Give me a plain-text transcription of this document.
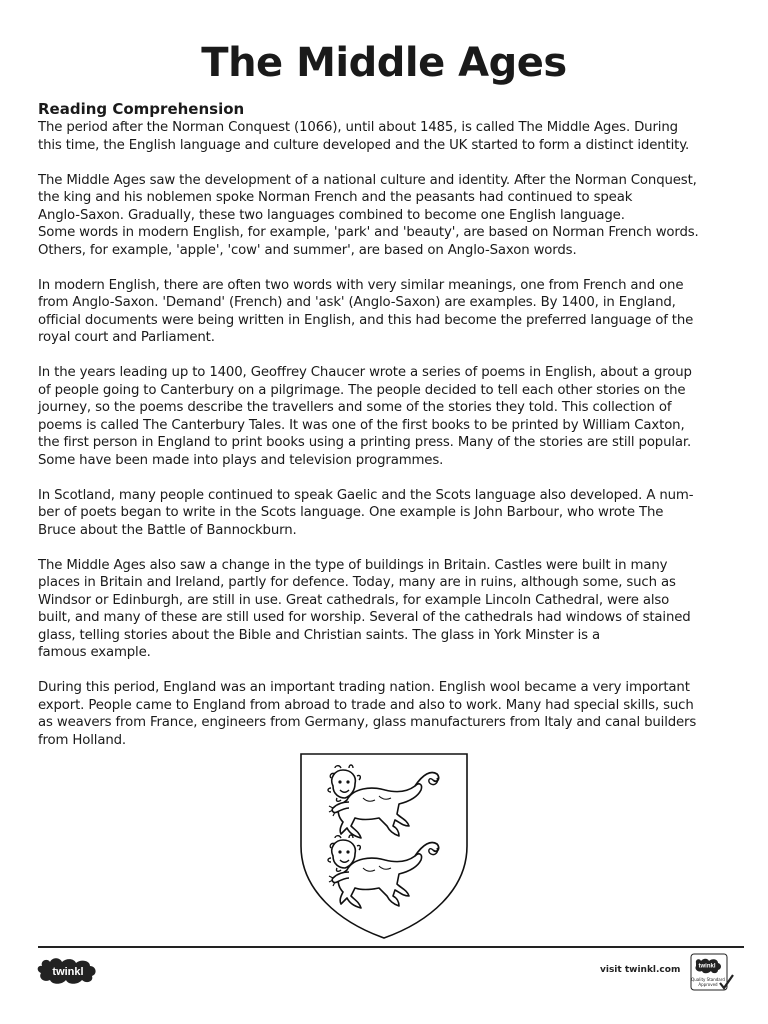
The Middle Ages
Reading Comprehension

The period after the Norman Conquest (1066), until about 1485, is called The Middle Ages. During
this time, the English language and culture developed and the UK started to form a distinct identity.

The Middle Ages saw the development of a national culture and identity. After the Norman Conquest,
the king and his noblemen spoke Norman French and the peasants had continued to speak
Anglo-Saxon. Gradually, these two languages combined to become one English language.
Some words in modern English, for example, 'park' and 'beauty', are based on Norman French words.
Others, for example, 'apple', 'cow' and summer', are based on Anglo-Saxon words.

In modern English, there are often two words with very similar meanings, one from French and one
from Anglo-Saxon. 'Demand' (French) and 'ask' (Anglo-Saxon) are examples. By 1400, in England,
official documents were being written in English, and this had become the preferred language of the
royal court and Parliament.

In the years leading up to 1400, Geoffrey Chaucer wrote a series of poems in English, about a group
of people going to Canterbury on a pilgrimage. The people decided to tell each other stories on the
journey, so the poems describe the travellers and some of the stories they told. This collection of
poems is called The Canterbury Tales. It was one of the first books to be printed by William Caxton,
the first person in England to print books using a printing press. Many of the stories are still popular.
Some have been made into plays and television programmes.

In Scotland, many people continued to speak Gaelic and the Scots language also developed. A num-
ber of poets began to write in the Scots language. One example is John Barbour, who wrote The
Bruce about the Battle of Bannockburn.

The Middle Ages also saw a change in the type of buildings in Britain. Castles were built in many
places in Britain and Ireland, partly for defence. Today, many are in ruins, although some, such as
Windsor or Edinburgh, are still in use. Great cathedrals, for example Lincoln Cathedral, were also
built, and many of these are still used for worship. Several of the cathedrals had windows of stained
glass, telling stories about the Bible and Christian saints. The glass in York Minster is a
famous example.

During this period, England was an important trading nation. English wool became a very important
export. People came to England from abroad to trade and also to work. Many had special skills, such
as weavers from France, engineers from Germany, glass manufacturers from Italy and canal builders
from Holland.

twinkl	visit twinkl.com	twinkl
Quality Standard
Approved
